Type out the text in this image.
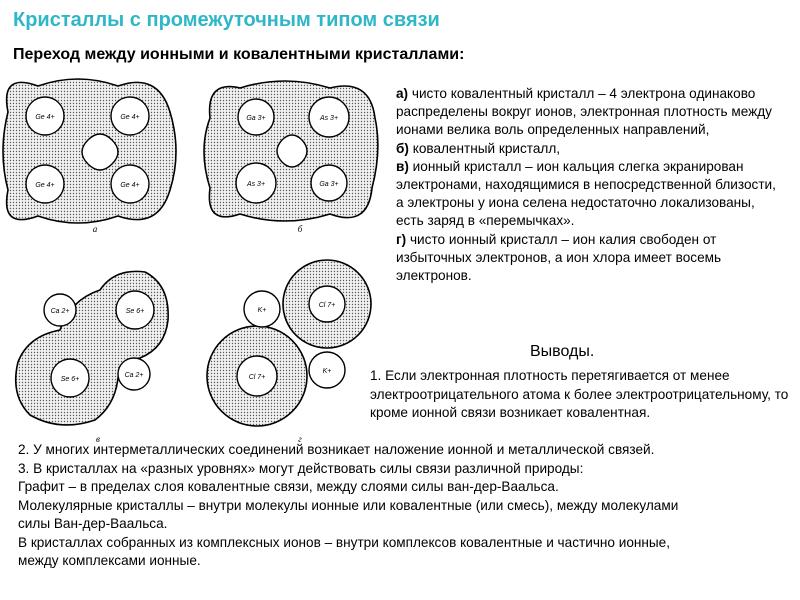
Кристаллы с промежуточным типом связи
Переход между ионными и ковалентными кристаллами:
Ge 4+	Ge 4+
Ge 4+	Ge 4+
а
Ga 3+	As 3+
As 3+	Ga 3+
б
Ca 2+	Se 6+
Se 6+
Ca 2+
в
K+
Cl 7+
Cl 7+
K+
г

а) чисто ковалентный кристалл – 4 электрона одинаково распределены вокруг ионов, электронная плотность между ионами велика воль определенных направлений,

б) ковалентный кристалл,

в) ионный кристалл – ион кальция слегка экранирован электронами, находящимися в непосредственной близости, а электроны у иона селена недостаточно локализованы, есть заряд в «перемычках».

г) чисто ионный кристалл – ион калия свободен от избыточных электронов, а ион хлора имеет восемь электронов.

Выводы.
1. Если электронная плотность перетягивается от менее электроотрицательного атома к более электроотрицательному, то кроме ионной связи возникает ковалентная.
2. У многих интерметаллических соединений возникает наложение ионной и металлической связей.
3. В кристаллах на «разных уровнях» могут действовать силы связи различной природы:
Графит – в пределах слоя ковалентные связи, между слоями силы ван-дер-Ваальса.
Молекулярные кристаллы – внутри молекулы ионные или ковалентные (или смесь), между молекулами
силы Ван-дер-Ваальса.
В кристаллах собранных из комплексных ионов – внутри комплексов ковалентные и частично ионные,
между комплексами ионные.
